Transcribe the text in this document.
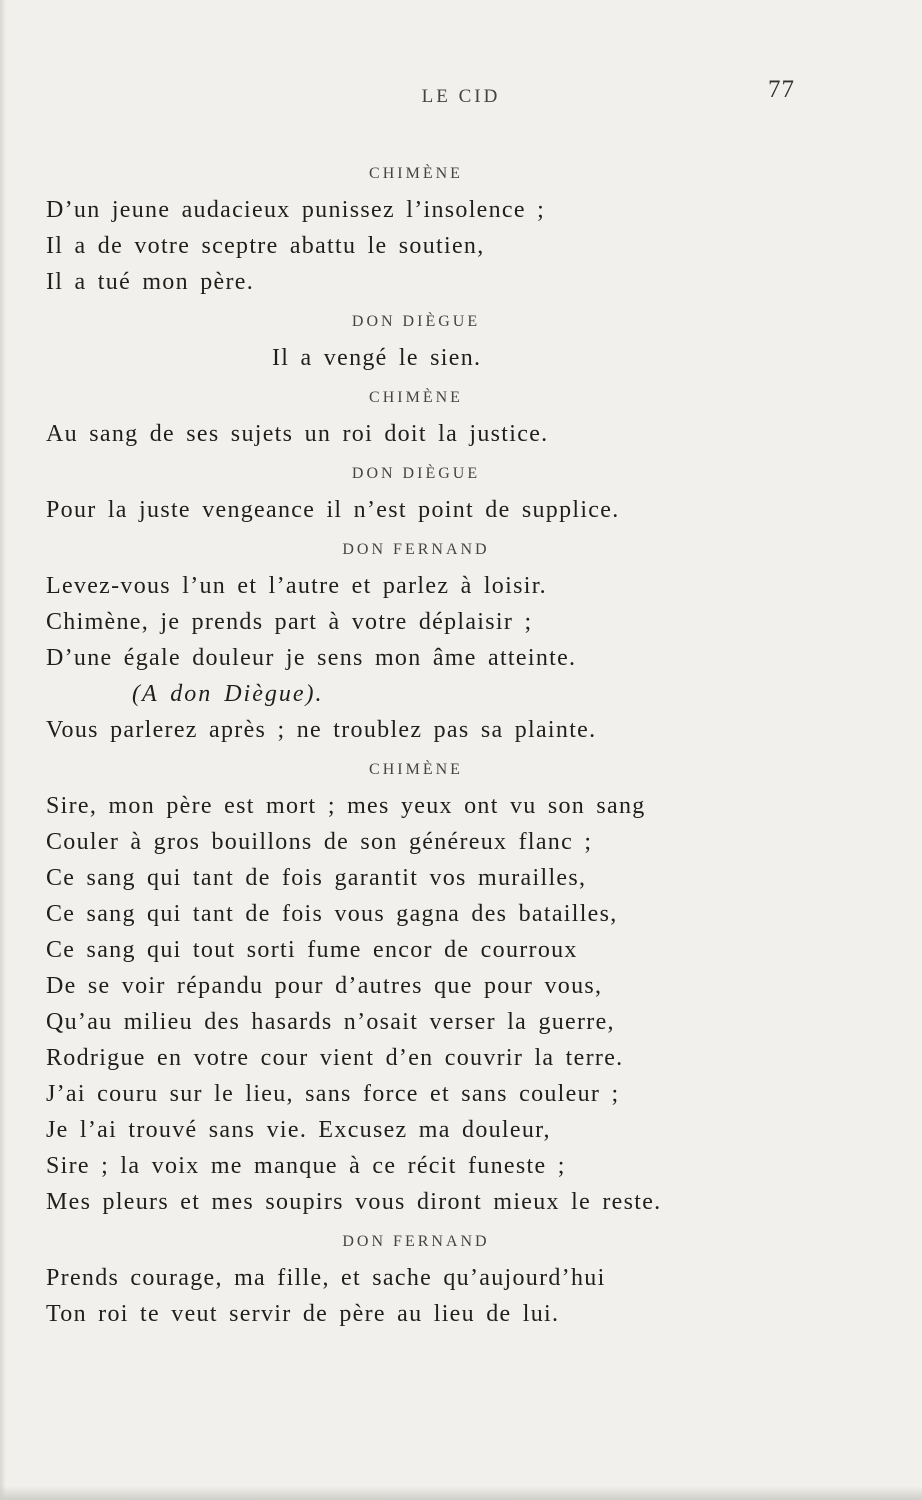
LE CID	77
CHIMÈNE
D’un jeune audacieux punissez l’insolence ;
Il a de votre sceptre abattu le soutien,
Il a tué mon père.
DON DIÈGUE
Il a vengé le sien.
CHIMÈNE
Au sang de ses sujets un roi doit la justice.
DON DIÈGUE
Pour la juste vengeance il n’est point de supplice.
DON FERNAND
Levez-vous l’un et l’autre et parlez à loisir.
Chimène, je prends part à votre déplaisir ;
D’une égale douleur je sens mon âme atteinte.
(A don Diègue).
Vous parlerez après ; ne troublez pas sa plainte.
CHIMÈNE
Sire, mon père est mort ; mes yeux ont vu son sang
Couler à gros bouillons de son généreux flanc ;
Ce sang qui tant de fois garantit vos murailles,
Ce sang qui tant de fois vous gagna des batailles,
Ce sang qui tout sorti fume encor de courroux
De se voir répandu pour d’autres que pour vous,
Qu’au milieu des hasards n’osait verser la guerre,
Rodrigue en votre cour vient d’en couvrir la terre.
J’ai couru sur le lieu, sans force et sans couleur ;
Je l’ai trouvé sans vie. Excusez ma douleur,
Sire ; la voix me manque à ce récit funeste ;
Mes pleurs et mes soupirs vous diront mieux le reste.
DON FERNAND
Prends courage, ma fille, et sache qu’aujourd’hui
Ton roi te veut servir de père au lieu de lui.
